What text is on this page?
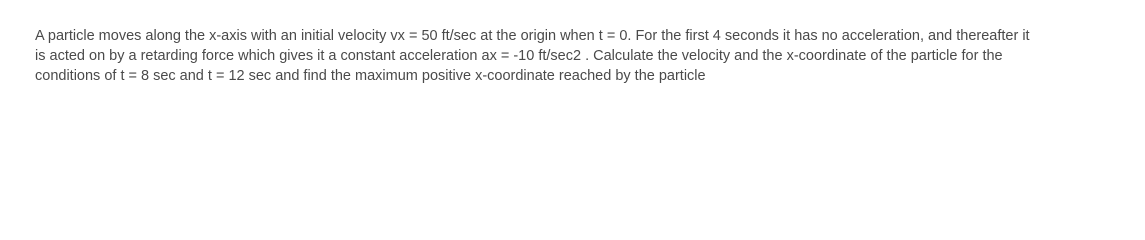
A particle moves along the x-axis with an initial velocity vx = 50 ft/sec at the origin when t = 0. For the first 4 seconds it has no acceleration, and thereafter it
is acted on by a retarding force which gives it a constant acceleration ax = -10 ft/sec2 . Calculate the velocity and the x-coordinate of the particle for the
conditions of t = 8 sec and t = 12 sec and find the maximum positive x-coordinate reached by the particle
